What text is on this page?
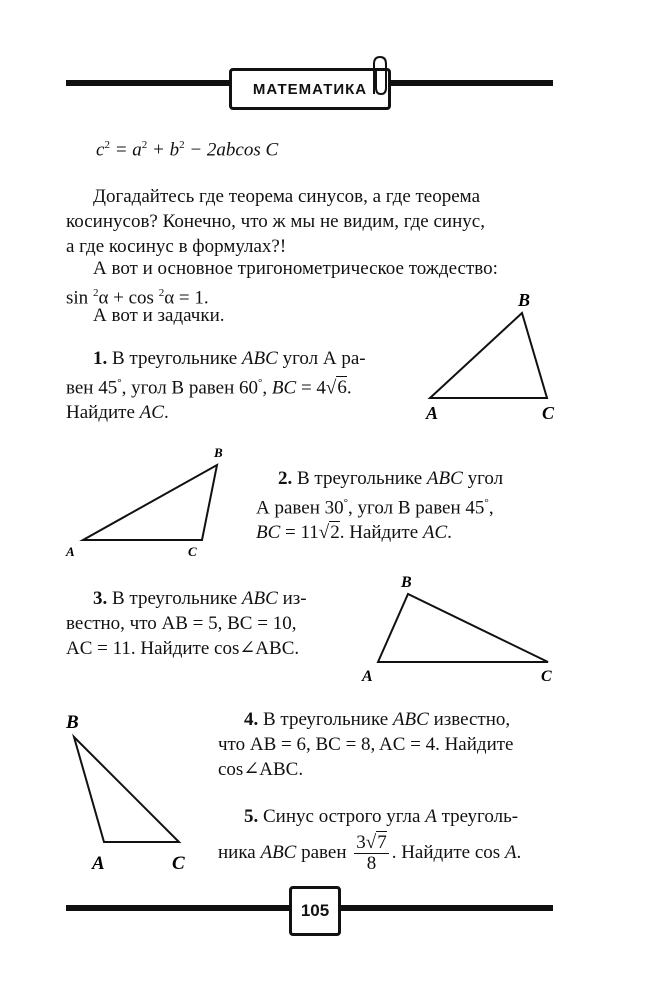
МАТЕМАТИКА
$c^2 = a^2 + b^2 - 2abcos$ C
Догадайтесь где теорема синусов, а где теорема
косинусов? Конечно, что ж мы не видим, где синус,
а где косинус в формулах?!
А вот и основное тригонометрическое тождество:
sin $^2$α + cos $^2$α = 1.
А вот и задачки.
A
B
C
1. В треугольнике ABC угол А ра-
вен 45°, угол В равен 60°, BC = 4√6.
Найдите AC.
A
B
C
2. В треугольнике ABC угол
А равен 30°, угол В равен 45°,
BC = 11√2. Найдите AC.
3. В треугольнике ABC из-
вестно, что AB = 5, BC = 10,
AC = 11. Найдите cos∠ABC.
A
B
C
B
A	C
4. В треугольнике ABC известно,
что AB = 6, BC = 8, AC = 4. Найдите
cos∠ABC.
5. Синус острого угла A треуголь-
ника ABC равен $\frac{3√7}{8}$ . Найдите cos A.
105
